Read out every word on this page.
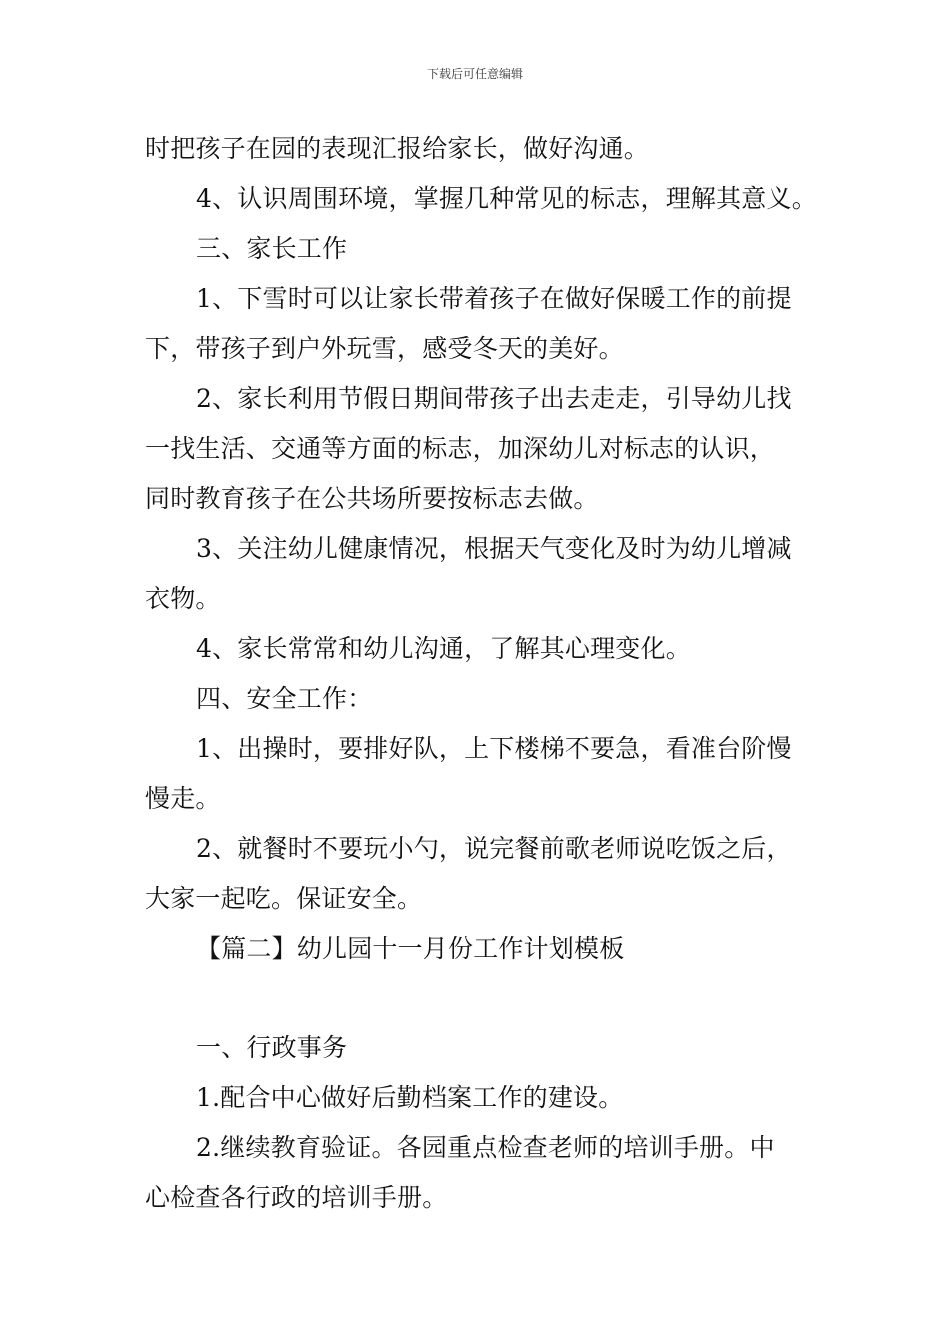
下载后可任意编辑
时把孩子在园的表现汇报给家长，做好沟通。
4、认识周围环境，掌握几种常见的标志，理解其意义。
三、家长工作
1、下雪时可以让家长带着孩子在做好保暖工作的前提
下，带孩子到户外玩雪，感受冬天的美好。
2、家长利用节假日期间带孩子出去走走，引导幼儿找
一找生活、交通等方面的标志，加深幼儿对标志的认识，
同时教育孩子在公共场所要按标志去做。
3、关注幼儿健康情况，根据天气变化及时为幼儿增减
衣物。
4、家长常常和幼儿沟通，了解其心理变化。
四、安全工作：
1、出操时，要排好队，上下楼梯不要急，看准台阶慢
慢走。
2、就餐时不要玩小勺，说完餐前歌老师说吃饭之后，
大家一起吃。保证安全。
【篇二】幼儿园十一月份工作计划模板
一、行政事务
1.配合中心做好后勤档案工作的建设。
2.继续教育验证。各园重点检查老师的培训手册。中
心检查各行政的培训手册。
